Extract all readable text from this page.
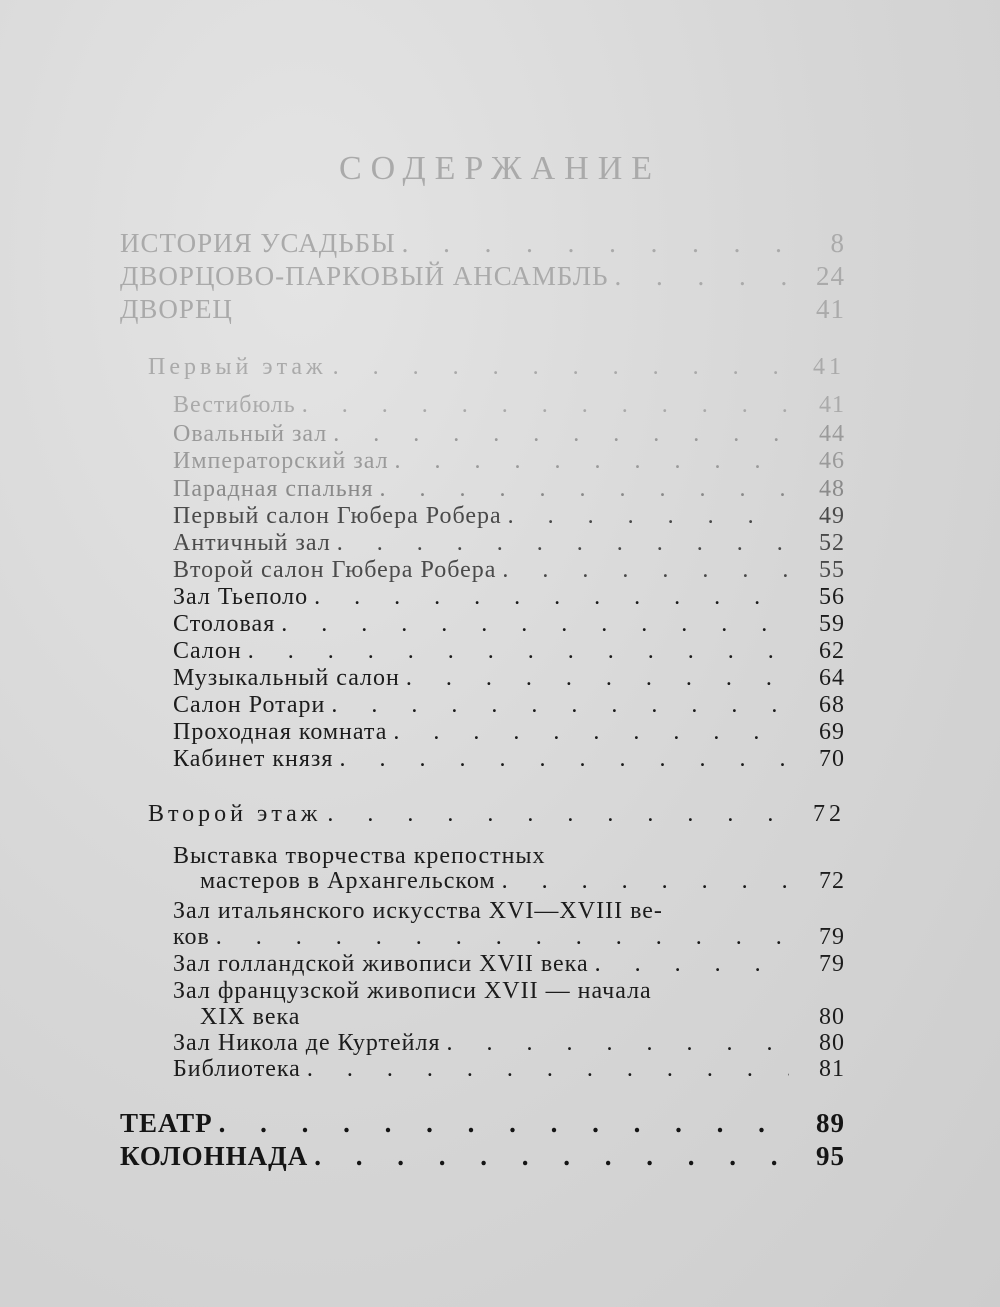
СОДЕРЖАНИЕ
ИСТОРИЯ УСАДЬБЫ . . .	8
ДВОРЦОВО-ПАРКОВЫЙ АНСАМБЛЬ . . .	24
ДВОРЕЦ	41
Первый этаж . . .	41
Вестибюль . . .	41
Овальный зал . . .	44
Императорский зал . . .	46
Парадная спальня . . .	48
Первый салон Гюбера Робера . . .	49
Античный зал . . .	52
Второй салон Гюбера Робера . . .	55
Зал Тьеполо . . .	56
Столовая . . .	59
Салон . . .	62
Музыкальный салон . . .	64
Салон Ротари . . .	68
Проходная комната . . .	69
Кабинет князя . . .	70
Второй этаж . . .	72
Выставка творчества крепостных
мастеров в Архангельском . . .	72
Зал итальянского искусства XVI—XVIII ве-
ков . . .	79
Зал голландской живописи XVII века . . .	79
Зал французской живописи XVII — начала
XIX века	80
Зал Никола де Куртейля . . .	80
Библиотека . . .	81
ТЕАТР . . .	89
КОЛОННАДА . . .	95
